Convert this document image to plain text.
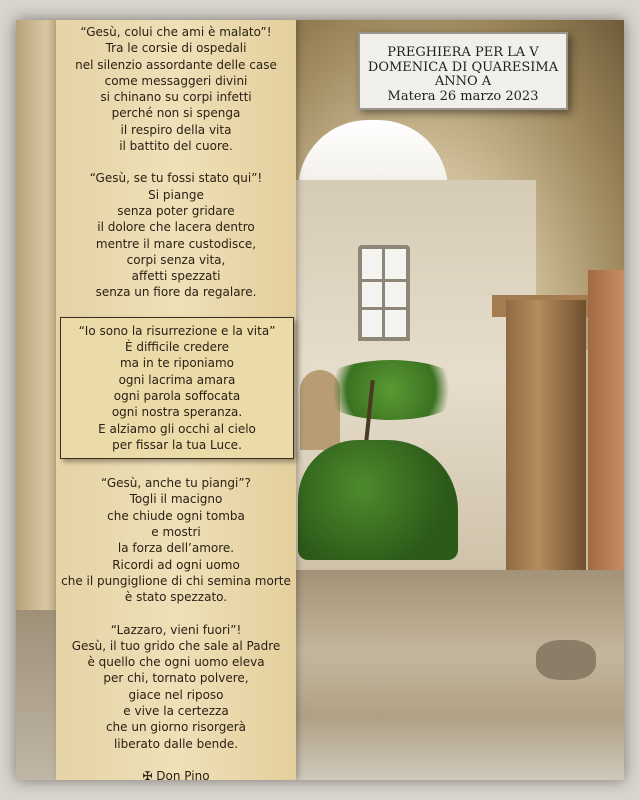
“Gesù, colui che ami è malato”!
Tra le corsie di ospedali
nel silenzio assordante delle case
come messaggeri divini
si chinano su corpi infetti
perché non si spenga
il respiro della vita
il battito del cuore.
“Gesù, se tu fossi stato qui”!
Si piange
senza poter gridare
il dolore che lacera dentro
mentre il mare custodisce,
corpi senza vita,
affetti spezzati
senza un fiore da regalare.
“Io sono la risurrezione e la vita”
È difficile credere
ma in te riponiamo
ogni lacrima amara
ogni parola soffocata
ogni nostra speranza.
E alziamo gli occhi al cielo
per fissar la tua Luce.
“Gesù, anche tu piangi”?
Togli il macigno
che chiude ogni tomba
e mostri
la forza dell’amore.
Ricordi ad ogni uomo
che il pungiglione di chi semina morte
è stato spezzato.
“Lazzaro, vieni fuori”!
Gesù, il tuo grido che sale al Padre
è quello che ogni uomo eleva
per chi, tornato polvere,
giace nel riposo
e vive la certezza
che un giorno risorgerà
liberato dalle bende.
✠ Don Pino
PREGHIERA PER LA V
DOMENICA DI QUARESIMA
ANNO A
Matera 26 marzo 2023
